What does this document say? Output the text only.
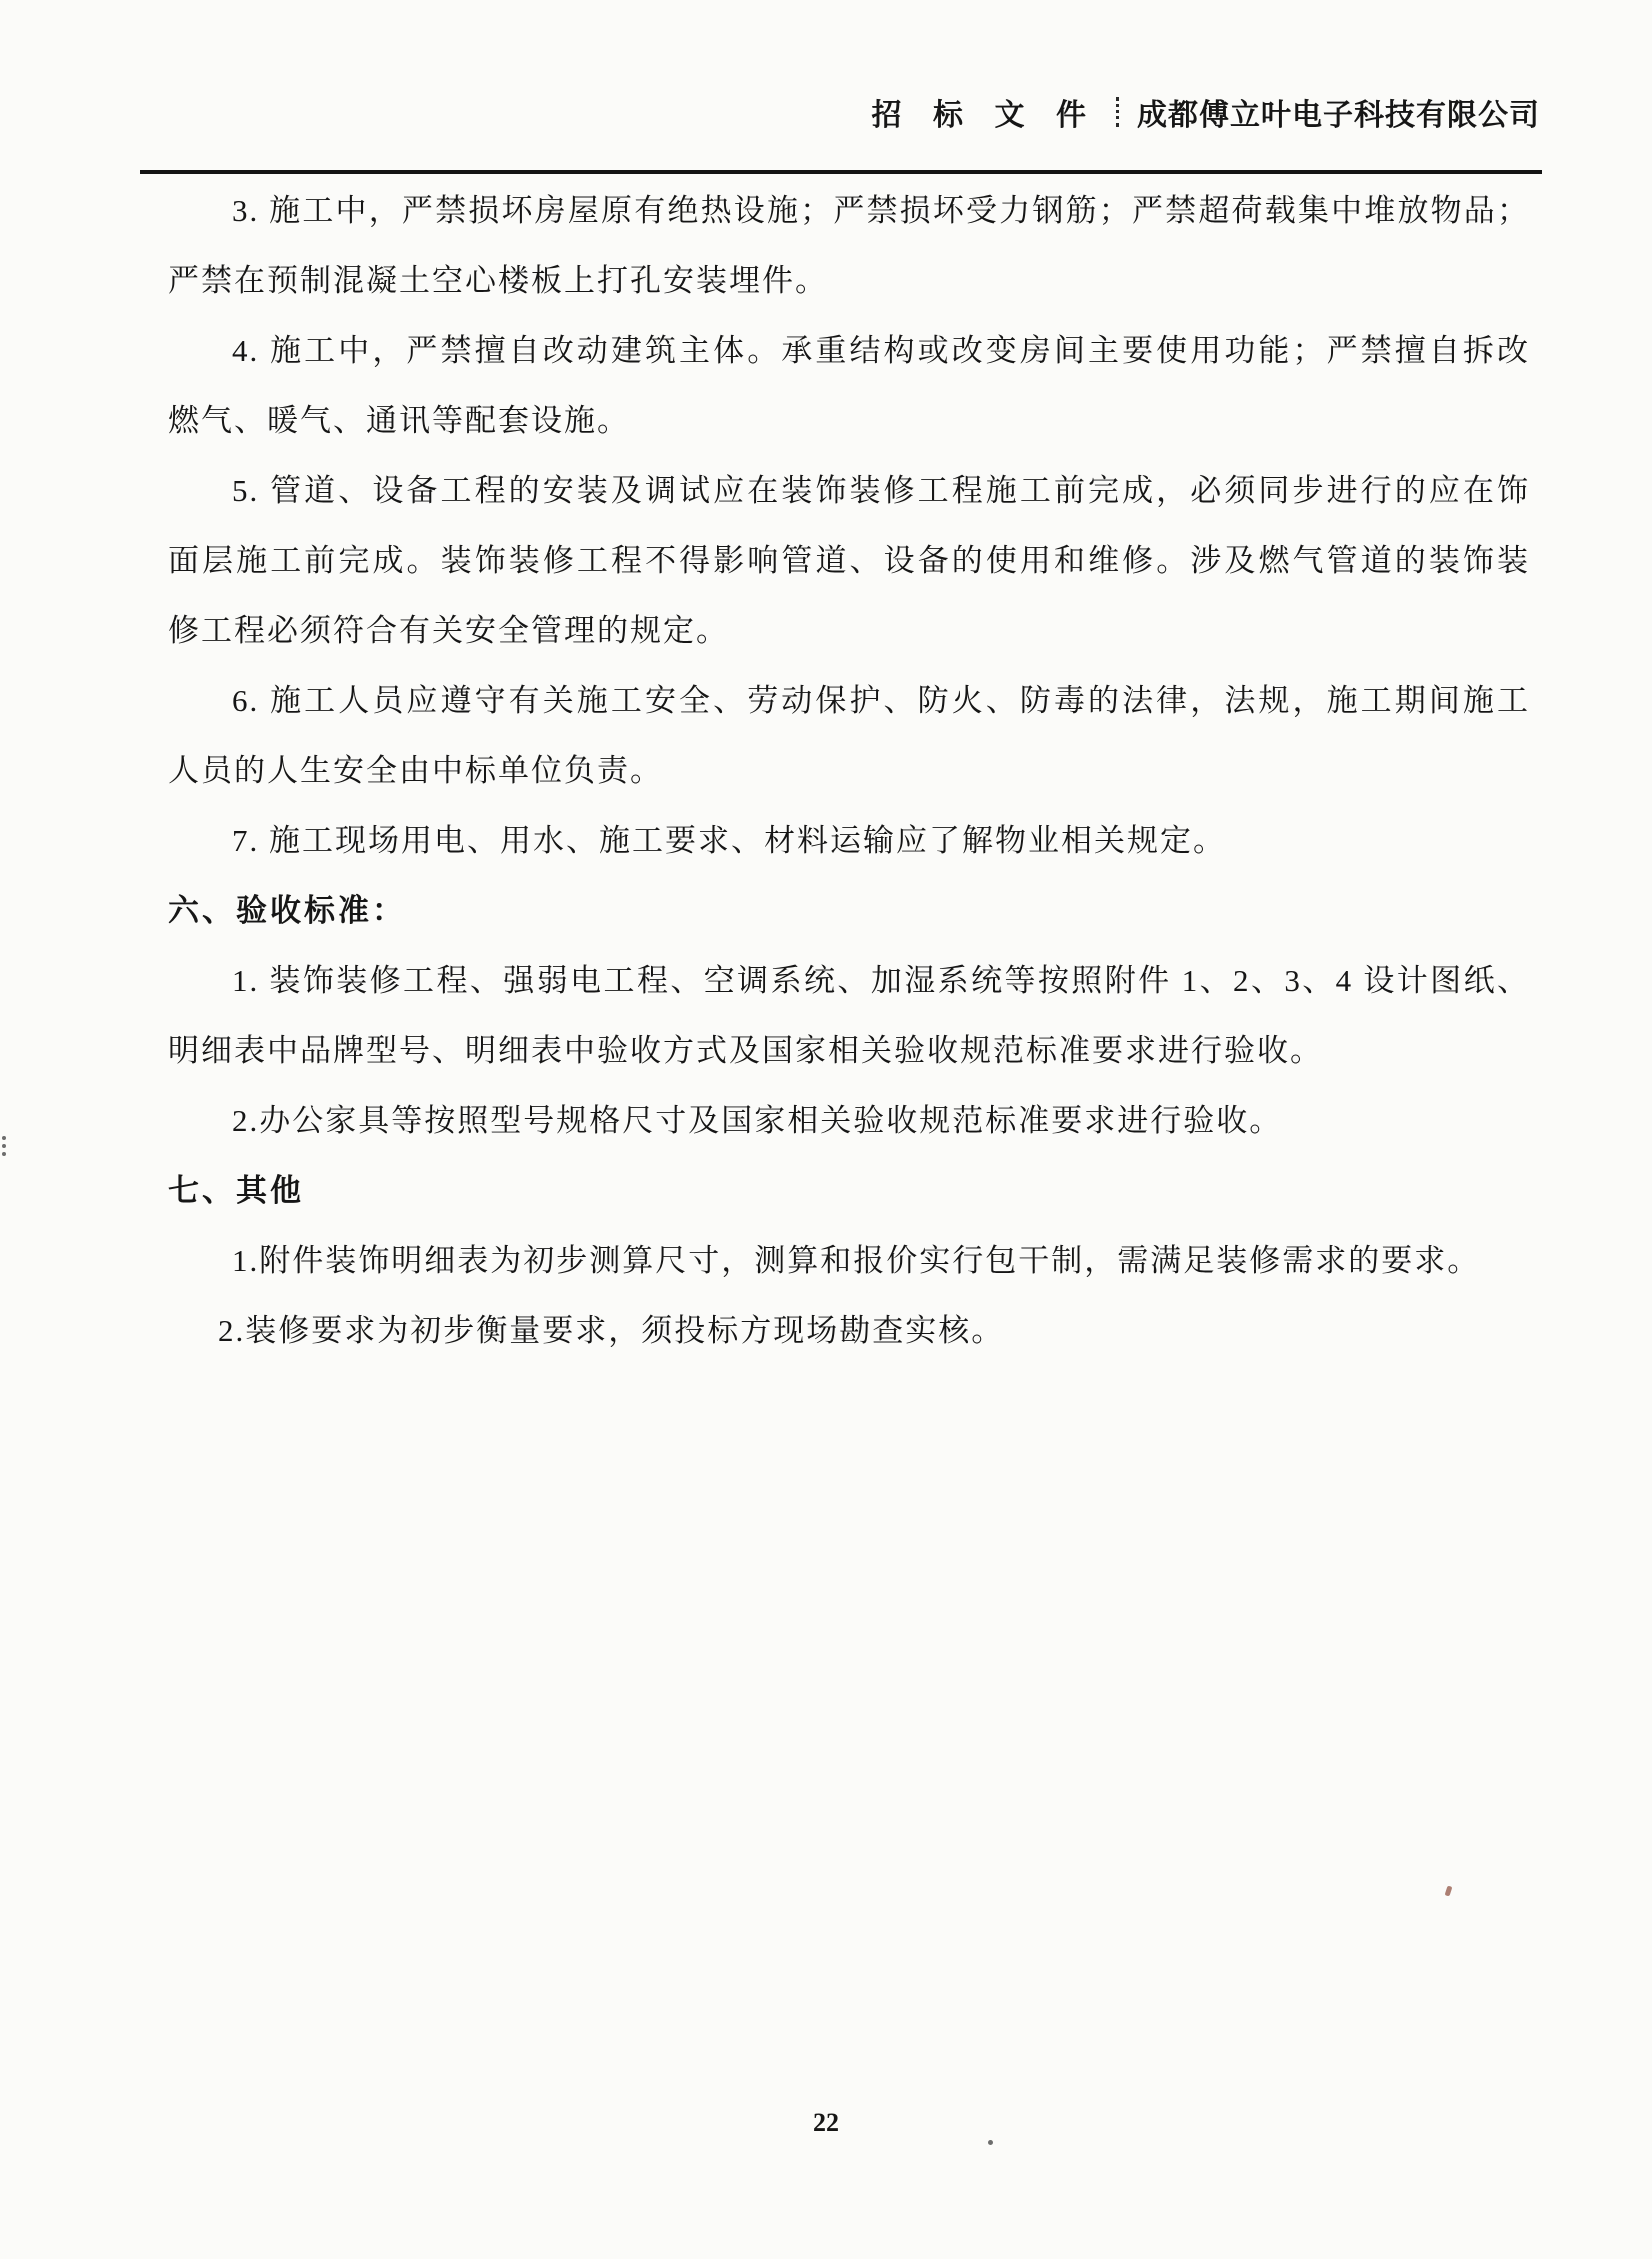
招 标 文 件 成都傅立叶电子科技有限公司
3. 施工中，严禁损坏房屋原有绝热设施；严禁损坏受力钢筋；严禁超荷载集中堆放物品；
严禁在预制混凝土空心楼板上打孔安装埋件。
4. 施工中，严禁擅自改动建筑主体。承重结构或改变房间主要使用功能；严禁擅自拆改
燃气、暖气、通讯等配套设施。
5. 管道、设备工程的安装及调试应在装饰装修工程施工前完成，必须同步进行的应在饰
面层施工前完成。装饰装修工程不得影响管道、设备的使用和维修。涉及燃气管道的装饰装
修工程必须符合有关安全管理的规定。
6. 施工人员应遵守有关施工安全、劳动保护、防火、防毒的法律，法规，施工期间施工
人员的人生安全由中标单位负责。
7. 施工现场用电、用水、施工要求、材料运输应了解物业相关规定。
六、验收标准：
1. 装饰装修工程、强弱电工程、空调系统、加湿系统等按照附件 1、2、3、4 设计图纸、
明细表中品牌型号、明细表中验收方式及国家相关验收规范标准要求进行验收。
2.办公家具等按照型号规格尺寸及国家相关验收规范标准要求进行验收。
七、其他
1.附件装饰明细表为初步测算尺寸，测算和报价实行包干制，需满足装修需求的要求。
2.装修要求为初步衡量要求，须投标方现场勘查实核。
22
